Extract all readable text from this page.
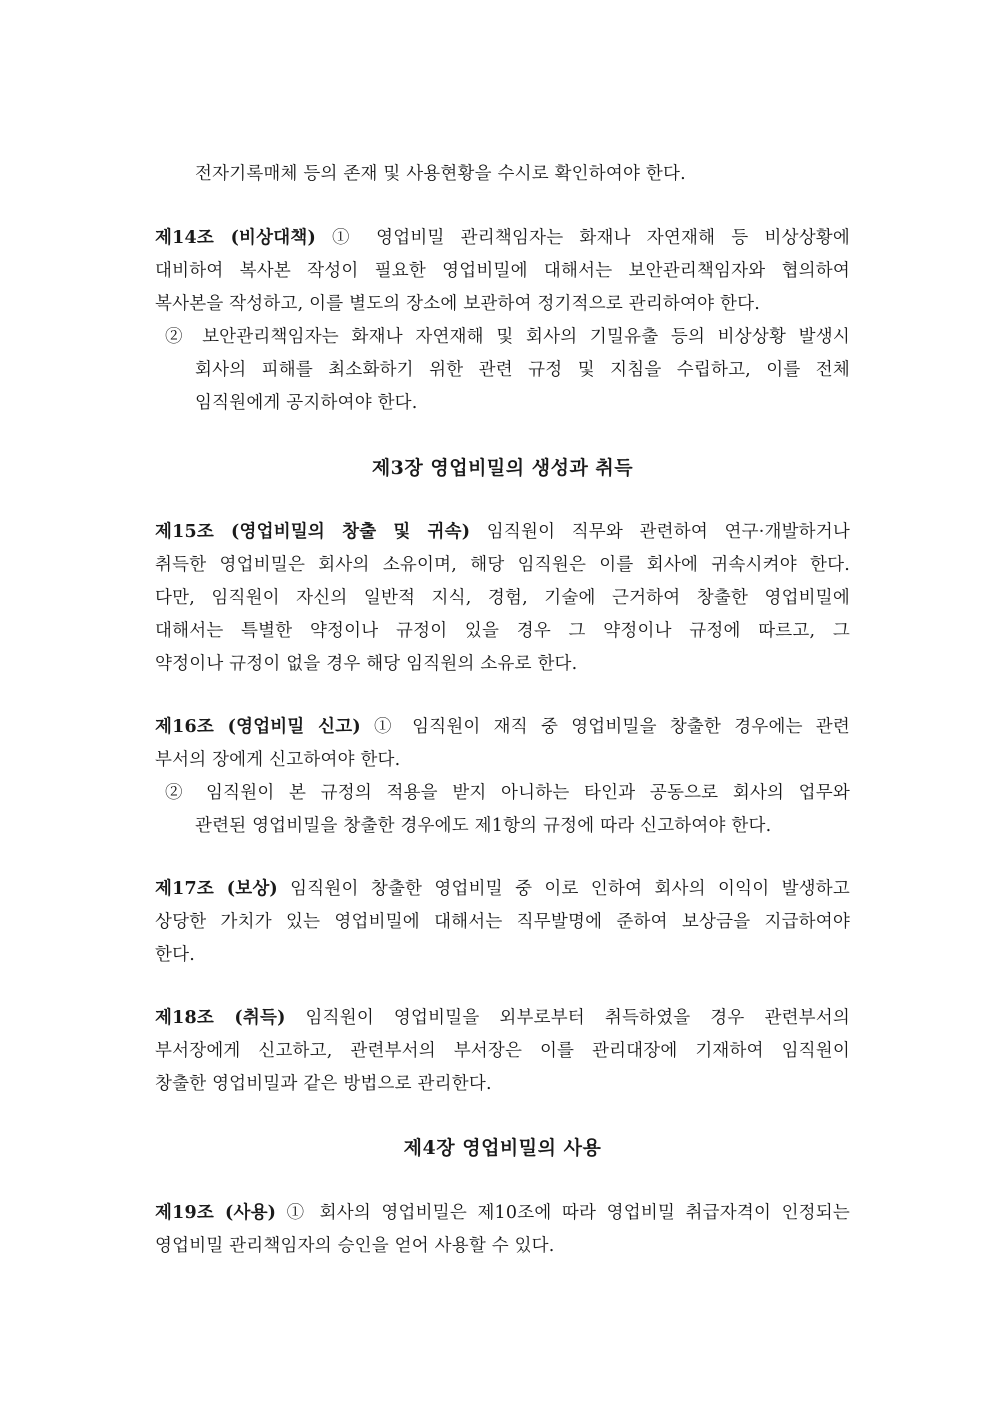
전자기록매체 등의 존재 및 사용현황을 수시로 확인하여야 한다.
제14조 (비상대책) ① 영업비밀 관리책임자는 화재나 자연재해 등 비상상황에
대비하여 복사본 작성이 필요한 영업비밀에 대해서는 보안관리책임자와 협의하여
복사본을 작성하고, 이를 별도의 장소에 보관하여 정기적으로 관리하여야 한다.
② 보안관리책임자는 화재나 자연재해 및 회사의 기밀유출 등의 비상상황 발생시
회사의 피해를 최소화하기 위한 관련 규정 및 지침을 수립하고, 이를 전체
임직원에게 공지하여야 한다.
제3장 영업비밀의 생성과 취득
제15조 (영업비밀의 창출 및 귀속) 임직원이 직무와 관련하여 연구·개발하거나
취득한 영업비밀은 회사의 소유이며, 해당 임직원은 이를 회사에 귀속시켜야 한다.
다만, 임직원이 자신의 일반적 지식, 경험, 기술에 근거하여 창출한 영업비밀에
대해서는 특별한 약정이나 규정이 있을 경우 그 약정이나 규정에 따르고, 그
약정이나 규정이 없을 경우 해당 임직원의 소유로 한다.
제16조 (영업비밀 신고) ① 임직원이 재직 중 영업비밀을 창출한 경우에는 관련
부서의 장에게 신고하여야 한다.
② 임직원이 본 규정의 적용을 받지 아니하는 타인과 공동으로 회사의 업무와
관련된 영업비밀을 창출한 경우에도 제1항의 규정에 따라 신고하여야 한다.
제17조 (보상) 임직원이 창출한 영업비밀 중 이로 인하여 회사의 이익이 발생하고
상당한 가치가 있는 영업비밀에 대해서는 직무발명에 준하여 보상금을 지급하여야
한다.
제18조 (취득) 임직원이 영업비밀을 외부로부터 취득하였을 경우 관련부서의
부서장에게 신고하고, 관련부서의 부서장은 이를 관리대장에 기재하여 임직원이
창출한 영업비밀과 같은 방법으로 관리한다.
제4장 영업비밀의 사용
제19조 (사용) ① 회사의 영업비밀은 제10조에 따라 영업비밀 취급자격이 인정되는
영업비밀 관리책임자의 승인을 얻어 사용할 수 있다.
